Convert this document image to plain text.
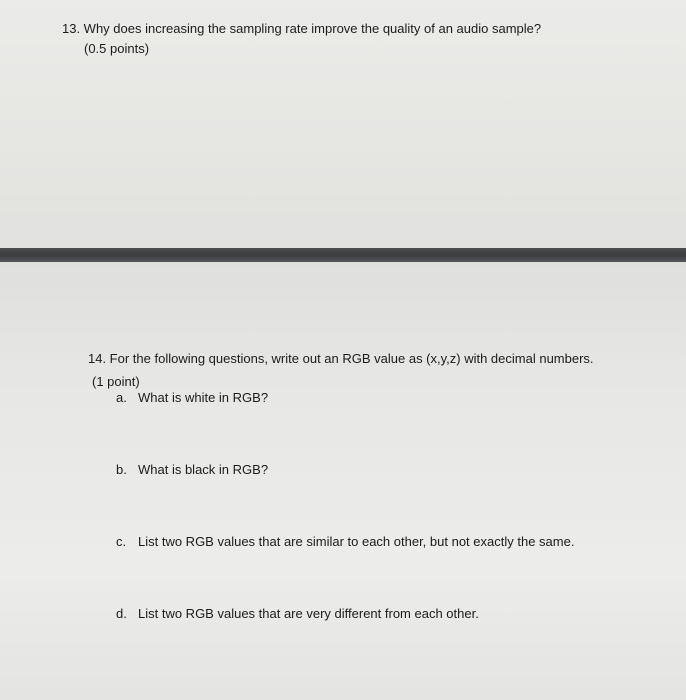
13. Why does increasing the sampling rate improve the quality of an audio sample?
(0.5 points)
14. For the following questions, write out an RGB value as (x,y,z) with decimal numbers.
(1 point)
a. What is white in RGB?
b. What is black in RGB?
c. List two RGB values that are similar to each other, but not exactly the same.
d. List two RGB values that are very different from each other.
